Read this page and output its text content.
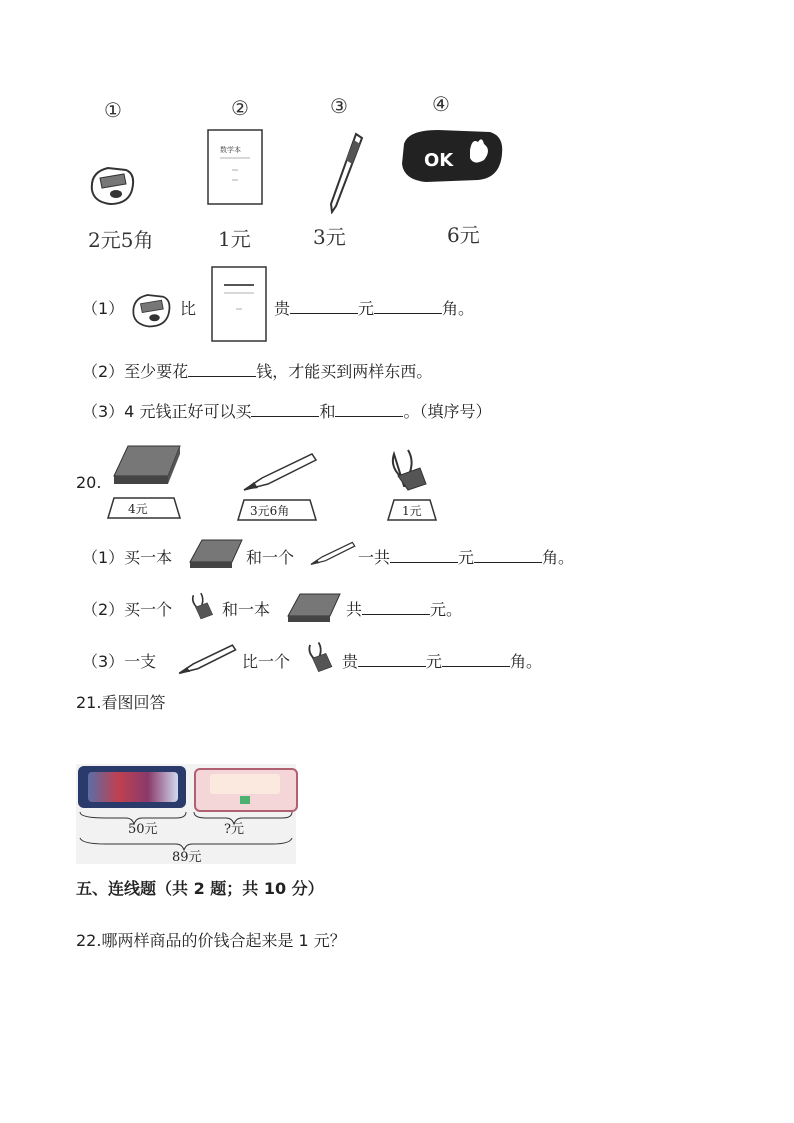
①	②	③	④
数学本	OK
2元5角	1元	3元	6元
（1）	比	贵	元	角。
（2）至少要花	钱，才能买到两样东西。
（3）4 元钱正好可以买	和	。（填序号）
20.
4元	3元6角	1元
（1）买一本	和一个	一共	元	角。
（2）买一个	和一本	共	元。
（3）一支	比一个	贵	元	角。
21.看图回答
50元	?元
89元
五、连线题（共 2 题；共 10 分）
22.哪两样商品的价钱合起来是 1 元？
